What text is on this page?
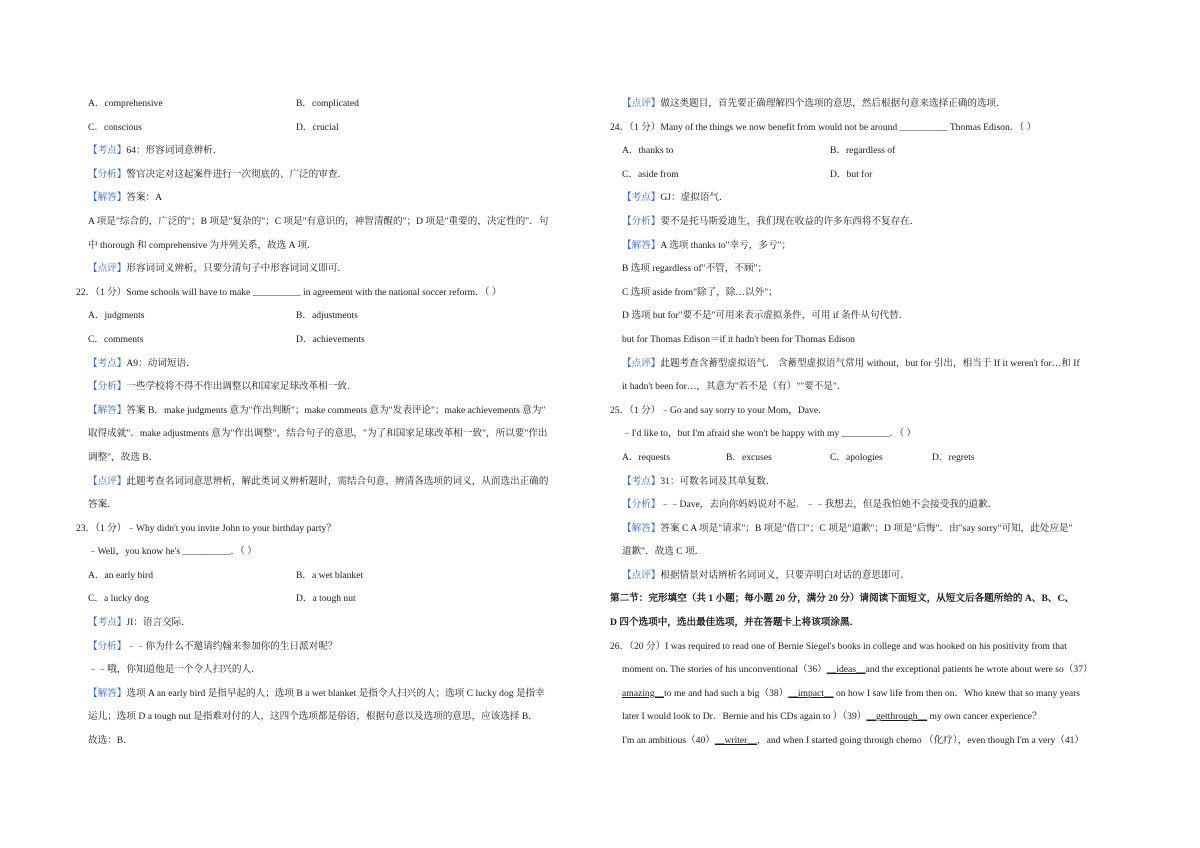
A．comprehensive	B．complicated
C．conscious	D．crucial
【考点】64：形容词词意辨析．
【分析】警官决定对这起案件进行一次彻底的、广泛的审查．
【解答】答案：A
A 项是"综合的，广泛的"；B 项是"复杂的"；C 项是"有意识的，神智清醒的"；D 项是"重要的，决定性的"．句
中 thorough 和 comprehensive 为并列关系，故选 A 项．
【点评】形容词词义辨析，只要分清句子中形容词词义即可．
22．（1 分）Some schools will have to make __________ in agreement with the national soccer reform．（ ）
A．judgments	B．adjustments
C．comments	D．achievements
【考点】A9：动词短语．
【分析】一些学校将不得不作出调整以和国家足球改革相一致．
【解答】答案 B．make judgments 意为"作出判断"；make comments 意为"发表评论"；make achievements 意为"
取得成就"．make adjustments 意为"作出调整"，结合句子的意思，"为了和国家足球改革相一致"，所以要"作出
调整"，故选 B．
【点评】此题考查名词词意思辨析，解此类词义辨析题时，需结合句意，辨清各选项的词义，从而选出正确的
答案．
23．（1 分）﹣Why didn't you invite John to your birthday party？
﹣Well，you know he's __________．（ ）
A．an early bird	B．a wet blanket
C．a lucky dog	D．a tough nut
【考点】JI：语言交际．
【分析】﹣﹣你为什么不邀请约翰来参加你的生日派对呢？
﹣﹣哦，你知道他是一个令人扫兴的人．
【解答】选项 A an early bird 是指早起的人；选项 B a wet blanket 是指令人扫兴的人；选项 C lucky dog 是指幸
运儿；选项 D a tough nut 是指难对付的人，这四个选项都是俗语，根据句意以及选项的意思，应该选择 B．
故选：B．
【点评】做这类题目，首先要正确理解四个选项的意思，然后根据句意来选择正确的选项．
24．（1 分）Many of the things we now benefit from would not be around __________ Thomas Edison．（ ）
A．thanks to	B．regardless of
C．aside from	D．but for
【考点】GJ：虚拟语气．
【分析】要不是托马斯爱迪生，我们现在收益的许多东西将不复存在．
【解答】A 选项 thanks to"幸亏，多亏"；
B 选项 regardless of"不管，不顾"；
C 选项 aside from"除了，除…以外"；
D 选项 but for"要不是"可用来表示虚拟条件，可用 if 条件从句代替．
but for Thomas Edison＝if it hadn't been for Thomas Edison
【点评】此题考查含蓄型虚拟语气． 含蓄型虚拟语气常用 without，but for 引出，相当于 If it weren't for…和 If
it hadn't been for…，其意为"若不是（有）""要不是"．
25．（1 分）﹣Go and say sorry to your Mom，Dave．
﹣I'd like to，but I'm afraid she won't be happy with my __________．（ ）
A．requests	B．excuses	C．apologies	D．regrets
【考点】31：可数名词及其单复数．
【分析】﹣﹣Dave，去向你妈妈说对不起．﹣﹣我想去，但是我怕她不会接受我的道歉．
【解答】答案 C A 项是"请求"；B 项是"借口"；C 项是"道歉"；D 项是"后悔"．由"say sorry"可知，此处应是"
道歉"．故选 C 项．
【点评】根据情景对话辨析名词词义，只要弄明白对话的意思即可．
第二节：完形填空（共 1 小题；每小题 20 分，满分 20 分）请阅读下面短文，从短文后各题所给的 A、B、C、
D 四个选项中，选出最佳选项，并在答题卡上将该项涂黑．
26．（20 分）I was required to read one of Bernie Siegel's books in college and was hooked on his positivity from that
moment on. The stories of his unconventional（36）__ideas__and the exceptional patients he wrote about were so（37）
amazing__to me and had such a big（38）__impact__ on how I saw life from then on．Who knew that so many years
later I would look to Dr．Bernie and his CDs again to ）（39）__getthrough__ my own cancer experience？
I'm an ambitious（40）__writer__，and when I started going through chemo （化疗），even though I'm a very（41）
